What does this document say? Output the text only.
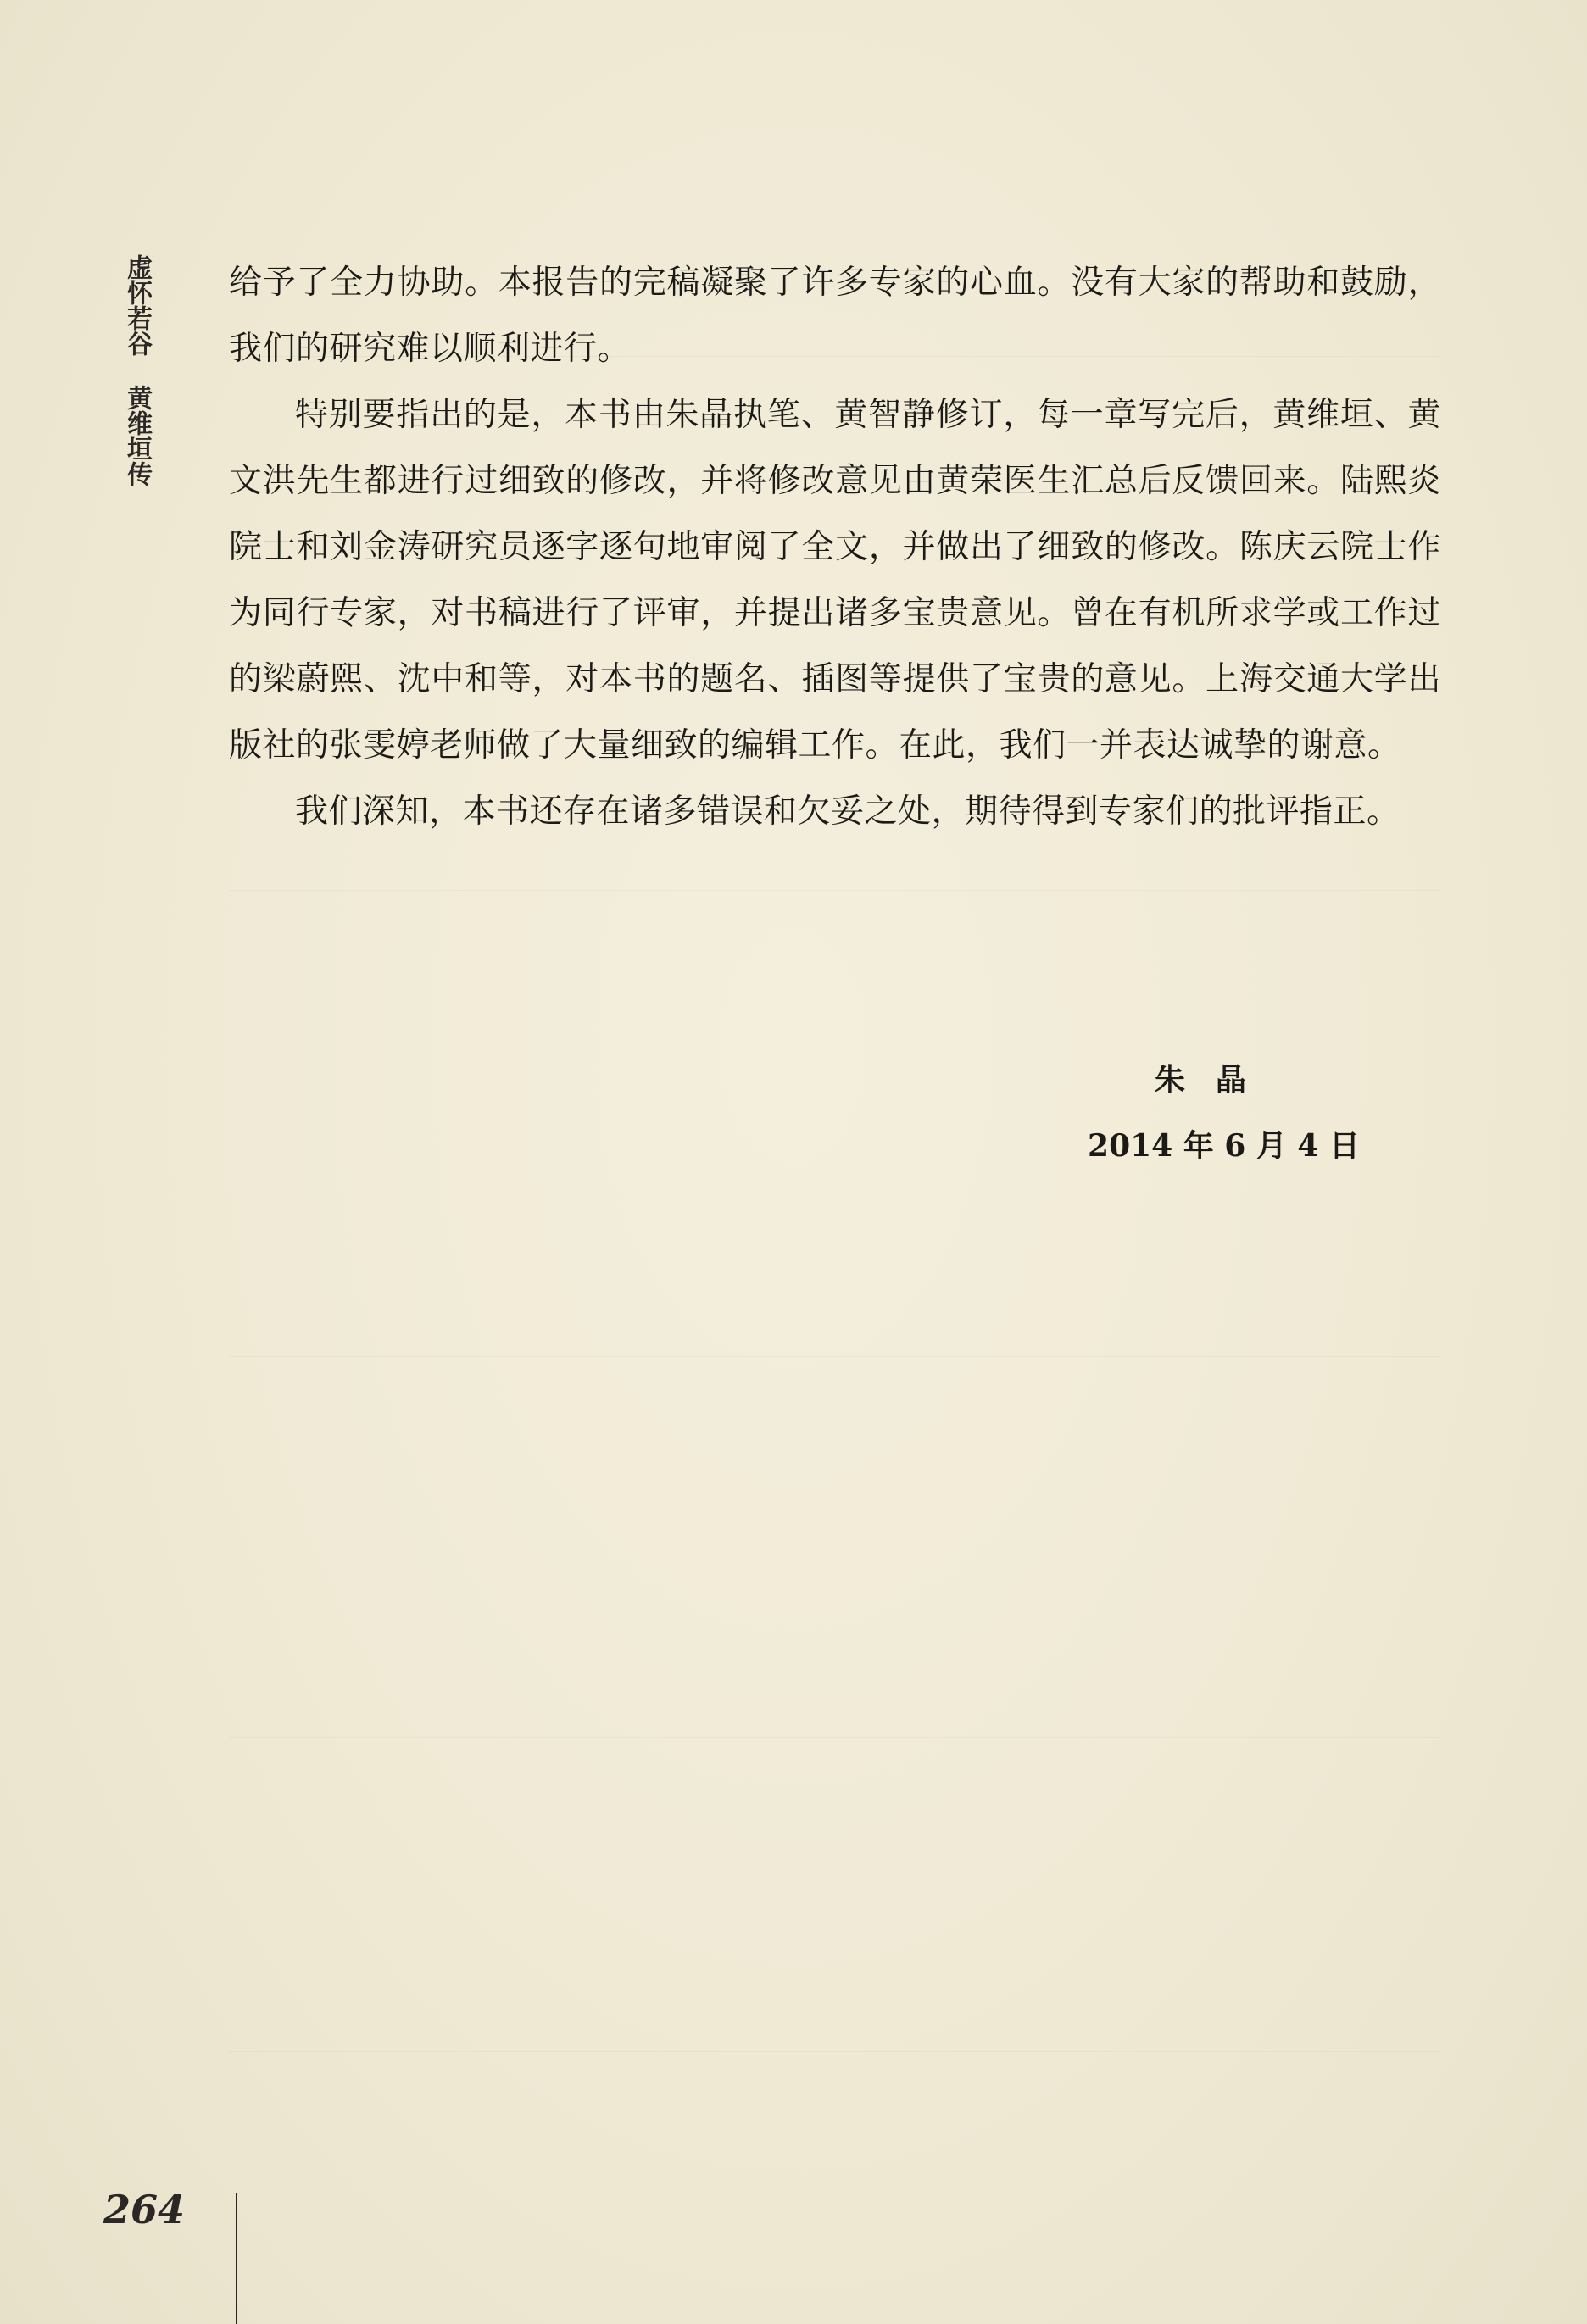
虚怀若谷黄维垣传

给予了全力协助。本报告的完稿凝聚了许多专家的心血。没有大家的帮助和鼓励，我们的研究难以顺利进行。

特别要指出的是，本书由朱晶执笔、黄智静修订，每一章写完后，黄维垣、黄文洪先生都进行过细致的修改，并将修改意见由黄荣医生汇总后反馈回来。陆熙炎院士和刘金涛研究员逐字逐句地审阅了全文，并做出了细致的修改。陈庆云院士作为同行专家，对书稿进行了评审，并提出诸多宝贵意见。曾在有机所求学或工作过的梁蔚熙、沈中和等，对本书的题名、插图等提供了宝贵的意见。上海交通大学出版社的张雯婷老师做了大量细致的编辑工作。在此，我们一并表达诚挚的谢意。

我们深知，本书还存在诸多错误和欠妥之处，期待得到专家们的批评指正。

朱晶
2014 年 6 月 4 日
264
